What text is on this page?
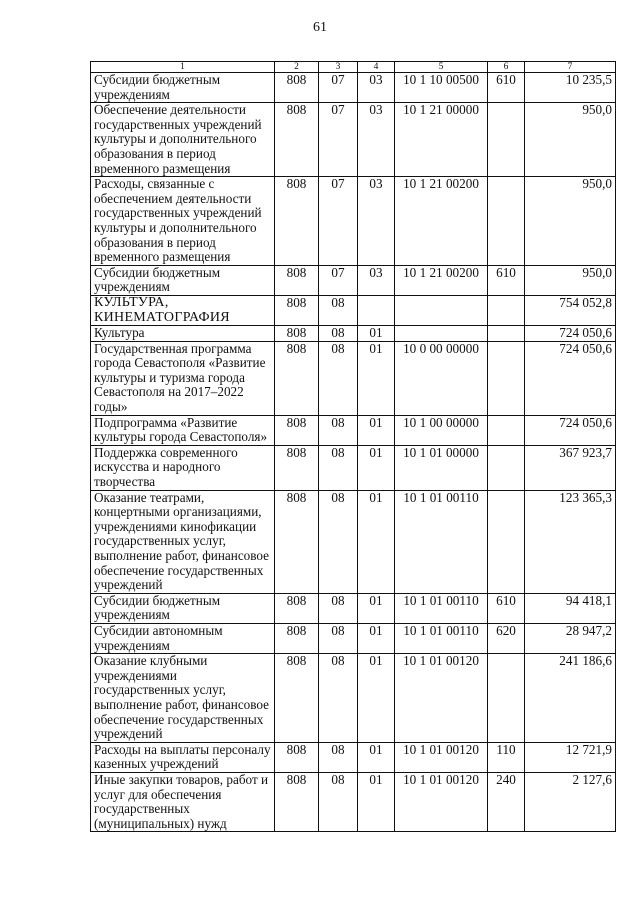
61
1	2	3	4	5	6	7
Субсидии бюджетным учреждениям	808	07	03	10 1 10 00500	610	10 235,5
Обеспечение деятельности государственных учреждений культуры и дополнительного образования в период временного размещения	808	07	03	10 1 21 00000		950,0
Расходы, связанные с обеспечением деятельности государственных учреждений культуры и дополнительного образования в период временного размещения	808	07	03	10 1 21 00200		950,0
Субсидии бюджетным учреждениям	808	07	03	10 1 21 00200	610	950,0
КУЛЬТУРА, КИНЕМАТОГРАФИЯ	808	08				754 052,8
Культура	808	08	01			724 050,6
Государственная программа города Севастополя «Развитие культуры и туризма города Севастополя на 2017–2022 годы»	808	08	01	10 0 00 00000		724 050,6
Подпрограмма «Развитие культуры города Севастополя»	808	08	01	10 1 00 00000		724 050,6
Поддержка современного искусства и народного творчества	808	08	01	10 1 01 00000		367 923,7
Оказание театрами, концертными организациями, учреждениями кинофикации государственных услуг, выполнение работ, финансовое обеспечение государственных учреждений	808	08	01	10 1 01 00110		123 365,3
Субсидии бюджетным учреждениям	808	08	01	10 1 01 00110	610	94 418,1
Субсидии автономным учреждениям	808	08	01	10 1 01 00110	620	28 947,2
Оказание клубными учреждениями государственных услуг, выполнение работ, финансовое обеспечение государственных учреждений	808	08	01	10 1 01 00120		241 186,6
Расходы на выплаты персоналу казенных учреждений	808	08	01	10 1 01 00120	110	12 721,9
Иные закупки товаров, работ и услуг для обеспечения государственных (муниципальных) нужд	808	08	01	10 1 01 00120	240	2 127,6
